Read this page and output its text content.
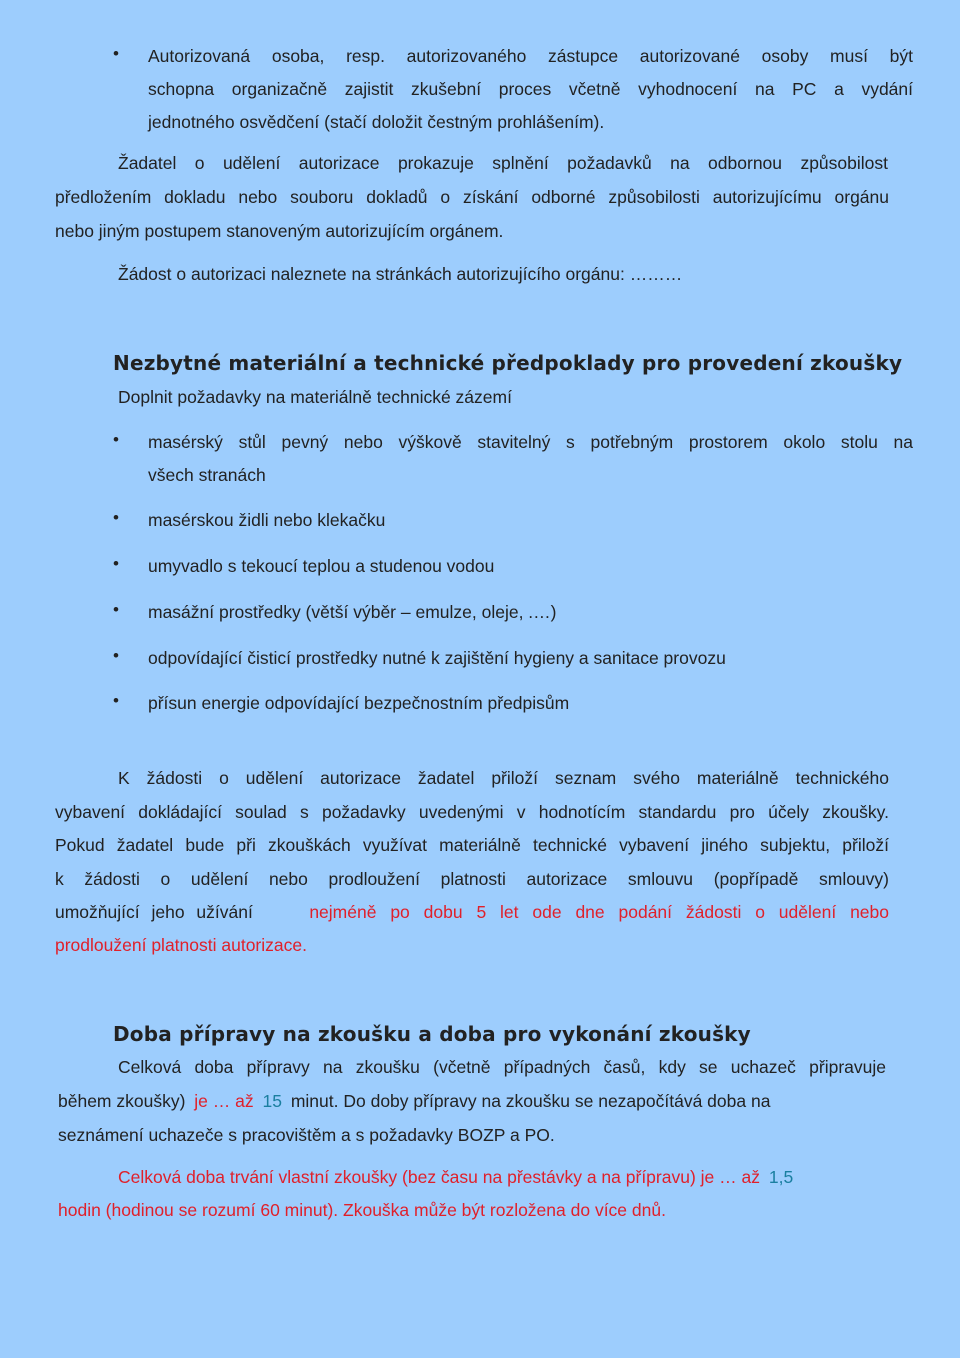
• Autorizovaná osoba, resp. autorizovaného zástupce autorizované osoby musí být
schopna organizačně zajistit zkušební proces včetně vyhodnocení na PC a vydání
jednotného osvědčení (stačí doložit čestným prohlášením).
Žadatel o udělení autorizace prokazuje splnění požadavků na odbornou způsobilost
předložením dokladu nebo souboru dokladů o získání odborné způsobilosti autorizujícímu orgánu
nebo jiným postupem stanoveným autorizujícím orgánem.
Žádost o autorizaci naleznete na stránkách autorizujícího orgánu: ………
Nezbytné materiální a technické předpoklady pro provedení zkoušky
Doplnit požadavky na materiálně technické zázemí
• masérský stůl pevný nebo výškově stavitelný s potřebným prostorem okolo stolu na
všech stranách
• masérskou židli nebo klekačku
• umyvadlo s tekoucí teplou a studenou vodou
• masážní prostředky (větší výběr – emulze, oleje, .…)
• odpovídající čisticí prostředky nutné k zajištění hygieny a sanitace provozu
• přísun energie odpovídající bezpečnostním předpisům
K žádosti o udělení autorizace žadatel přiloží seznam svého materiálně technického
vybavení dokládající soulad s požadavky uvedenými v hodnotícím standardu pro účely zkoušky.
Pokud žadatel bude při zkouškách využívat materiálně technické vybavení jiného subjektu, přiloží
k žádosti o udělení nebo prodloužení platnosti autorizace smlouvu (popřípadě smlouvy)
umožňující jeho užívání	nejméně po dobu 5 let ode dne podání žádosti o udělení nebo
prodloužení platnosti autorizace.
Doba přípravy na zkoušku a doba pro vykonání zkoušky
Celková doba přípravy na zkoušku (včetně případných časů, kdy se uchazeč připravuje
během zkoušky) je … až 15 minut. Do doby přípravy na zkoušku se nezapočítává doba na
seznámení uchazeče s pracovištěm a s požadavky BOZP a PO.
Celková doba trvání vlastní zkoušky (bez času na přestávky a na přípravu) je … až 1,5
hodin (hodinou se rozumí 60 minut). Zkouška může být rozložena do více dnů.
